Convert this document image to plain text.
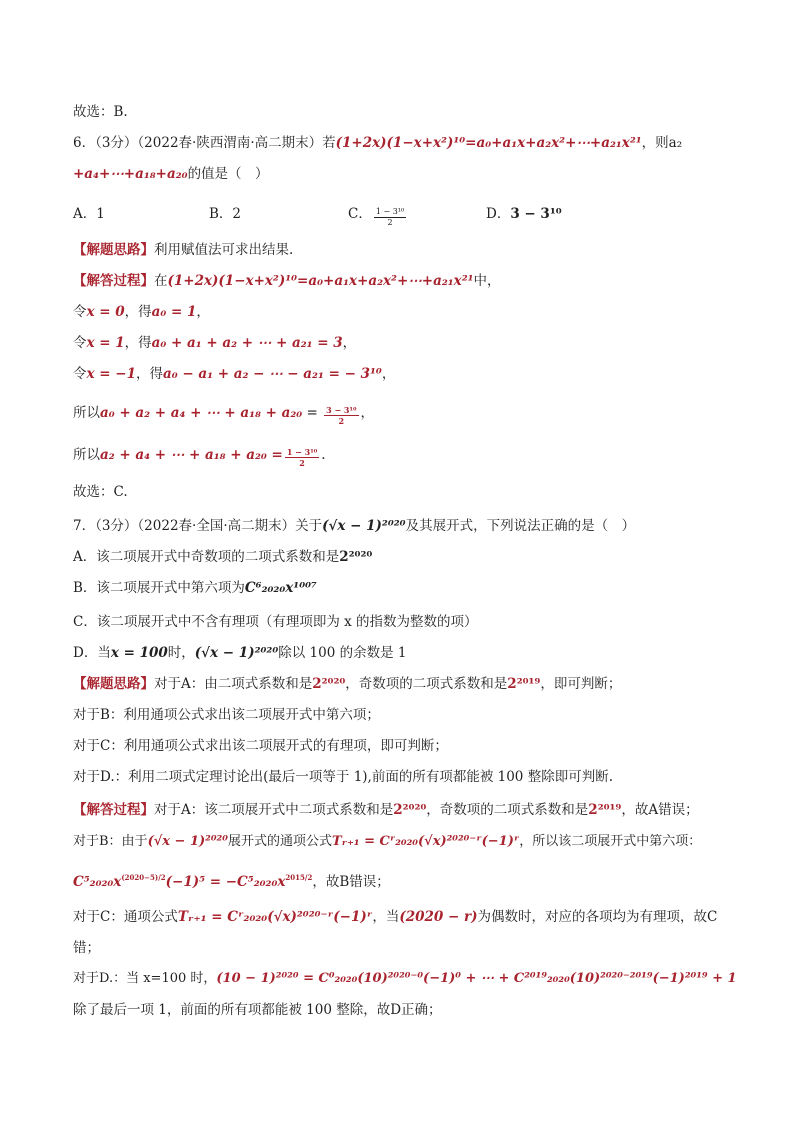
故选：B.
6．（3分）（2022春·陕西渭南·高二期末）若(1+2x)(1−x+x²)¹⁰=a₀+a₁x+a₂x²+⋯+a₂₁x²¹，则a₂
+a₄+⋯+a₁₈+a₂₀的值是（　）
A．1	B．2	C． $\frac{\text{1 − 3¹⁰}}{2}$	D．3 − 3¹⁰
【解题思路】利用赋值法可求出结果.
【解答过程】在(1+2x)(1−x+x²)¹⁰=a₀+a₁x+a₂x²+⋯+a₂₁x²¹中，
令x = 0，得a₀ = 1，
令x = 1，得a₀ + a₁ + a₂ + ⋯ + a₂₁ = 3，
令x = −1，得a₀ − a₁ + a₂ − ⋯ − a₂₁ = − 3¹⁰，
所以a₀ + a₂ + a₄ + ⋯ + $a_{18} + a_{20} = \frac{\text{3 − 3¹⁰}}{2}$ ，
所以a₂ + a₄ + ⋯ + $a_{18} + a_{20} = \frac{\text{1 − 3¹⁰}}{2}$ .
故选：C.
7．（3分）（2022春·全国·高二期末）关于(√x − 1)²⁰²⁰及其展开式，下列说法正确的是（　）
A．该二项展开式中奇数项的二项式系数和是2²⁰²⁰
B．该二项展开式中第六项为C⁶₂₀₂₀x¹⁰⁰⁷
C．该二项展开式中不含有理项（有理项即为 x 的指数为整数的项）
D．当x = 100时，(√x − 1)²⁰²⁰除以 100 的余数是 1
【解题思路】对于A：由二项式系数和是2²⁰²⁰，奇数项的二项式系数和是2²⁰¹⁹，即可判断；
对于B：利用通项公式求出该二项展开式中第六项；
对于C：利用通项公式求出该二项展开式的有理项，即可判断；
对于D.：利用二项式定理讨论出(最后一项等于 1),前面的所有项都能被 100 整除即可判断.
【解答过程】对于A：该二项展开式中二项式系数和是2²⁰²⁰，奇数项的二项式系数和是2²⁰¹⁹，故A错误；
对于B：由于(√x − 1)²⁰²⁰展开式的通项公式Tᵣ₊₁ = Cʳ₂₀₂₀(√x)²⁰²⁰⁻ʳ(−1)ʳ，所以该二项展开式中第六项：
$C^5_{2020}x^{(2020-5)/2}(-1)^5 = -C^5_{2020}x^{2015/2}$，故B错误；
对于C：通项公式Tᵣ₊₁ = Cʳ₂₀₂₀(√x)²⁰²⁰⁻ʳ(−1)ʳ，当(2020 − r)为偶数时，对应的各项均为有理项，故C
错；
对于D.：当 x=100 时，(10 − 1)²⁰²⁰ = C⁰₂₀₂₀(10)²⁰²⁰⁻⁰(−1)⁰ + ⋯ + C²⁰¹⁹₂₀₂₀(10)²⁰²⁰⁻²⁰¹⁹(−1)²⁰¹⁹ + 1
除了最后一项 1，前面的所有项都能被 100 整除，故D正确；
